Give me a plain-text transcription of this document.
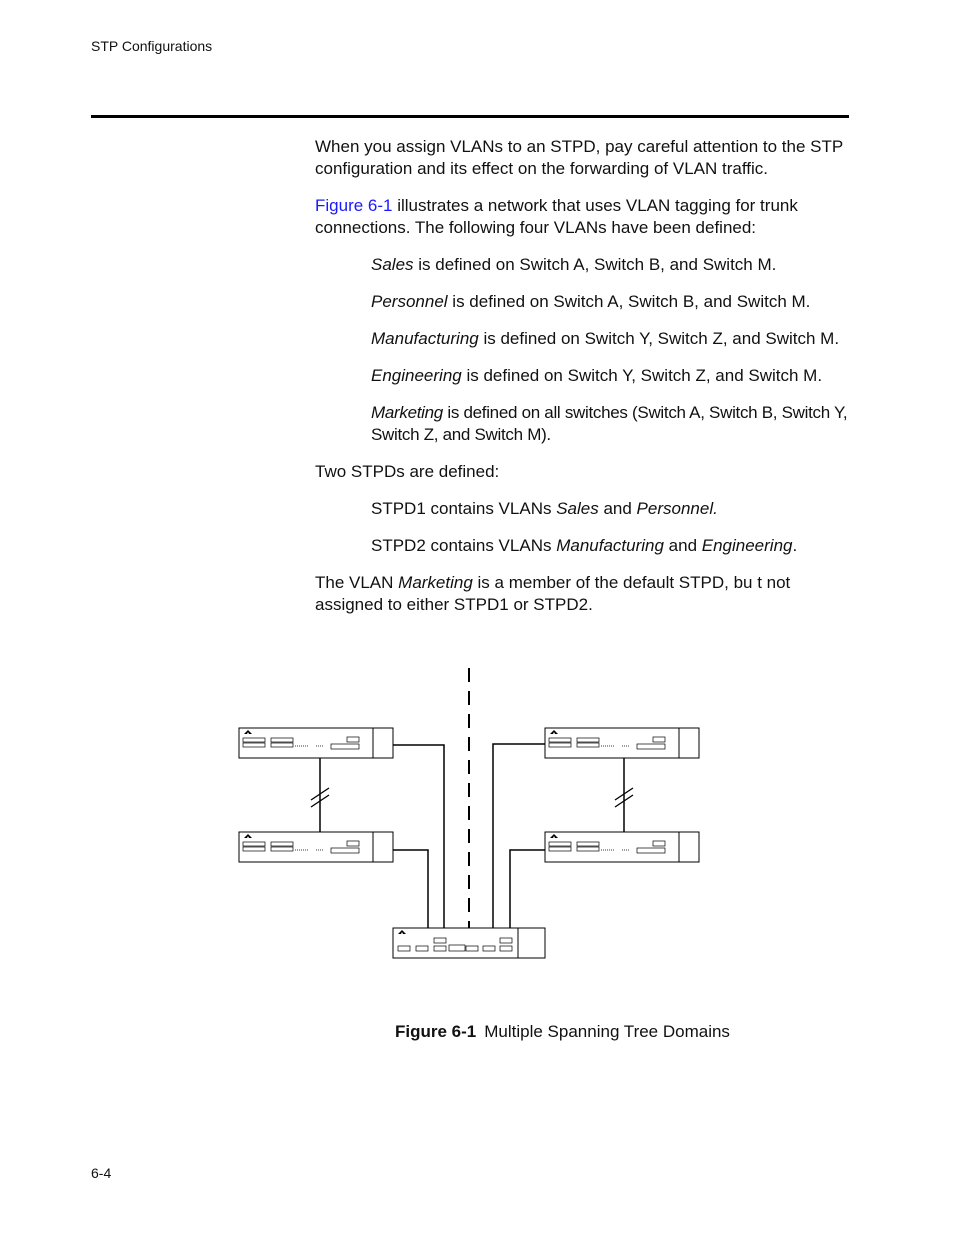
STP Configurations

When you assign VLANs to an STPD, pay careful attention to the STP configuration and its effect on the forwarding of VLAN traffic.

Figure 6-1 illustrates a network that uses VLAN tagging for trunk connections. The following four VLANs have been defined:

Sales is defined on Switch A, Switch B, and Switch M.

Personnel is defined on Switch A, Switch B, and Switch M.

Manufacturing is defined on Switch Y, Switch Z, and Switch M.

Engineering is defined on Switch Y, Switch Z, and Switch M.

Marketing is defined on all switches (Switch A, Switch B, Switch Y, Switch Z, and Switch M).

Two STPDs are defined:

STPD1 contains VLANs Sales and Personnel.

STPD2 contains VLANs Manufacturing and Engineering.

The VLAN Marketing is a member of the default STPD, bu t not assigned to either STPD1 or STPD2.

Figure 6-1 Multiple Spanning Tree Domains
6-4
